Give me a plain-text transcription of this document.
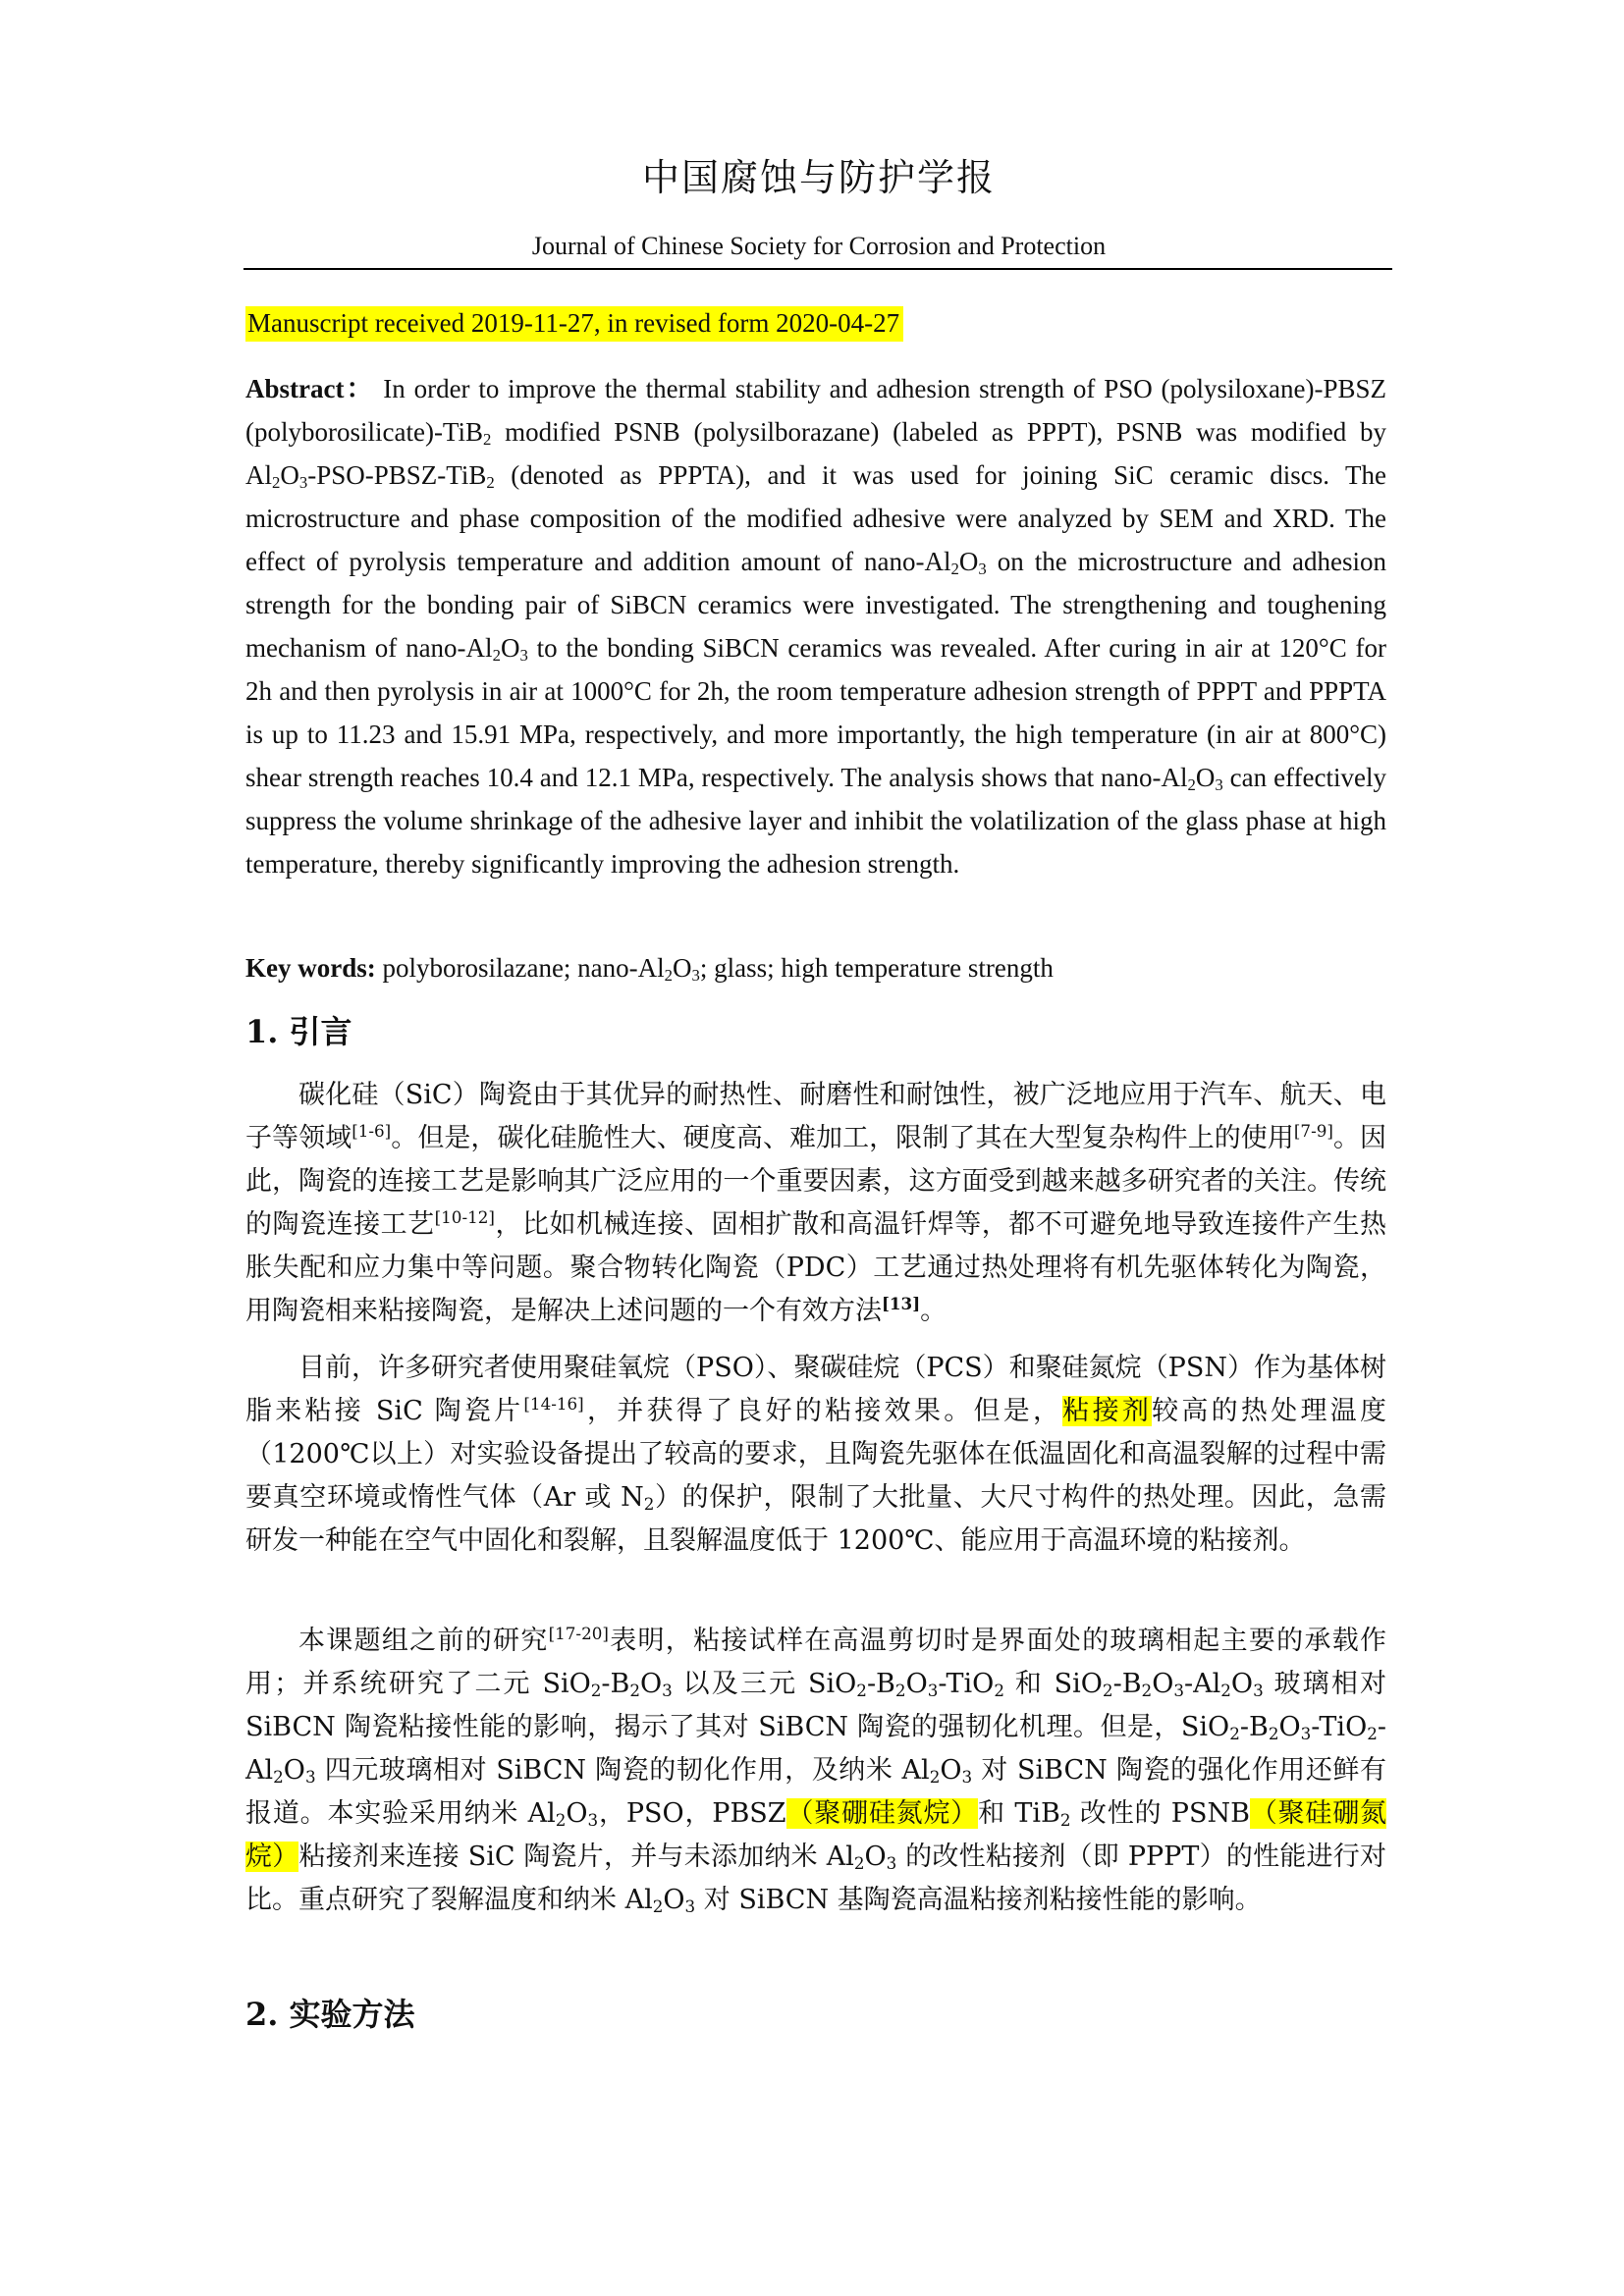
中国腐蚀与防护学报
Journal of Chinese Society for Corrosion and Protection
Manuscript received 2019-11-27, in revised form 2020-04-27

Abstract： In order to improve the thermal stability and adhesion strength of PSO (polysiloxane)-PBSZ (polyborosilicate)-TiB$_2$ modified PSNB (polysilborazane) (labeled as PPPT), PSNB was modified by $Al_2O_3-PSO-PBSZ-TiB_2$ (denoted as PPPTA), and it was used for joining SiC ceramic discs. The microstructure and phase composition of the modified adhesive were analyzed by SEM and XRD. The effect of pyrolysis temperature and addition amount of nano-$Al_2O_3$ on the microstructure and adhesion strength for the bonding pair of SiBCN ceramics were investigated. The strengthening and toughening mechanism of nano-$Al_2O_3$ to the bonding SiBCN ceramics was revealed. After curing in air at 120°C for 2h and then pyrolysis in air at 1000°C for 2h, the room temperature adhesion strength of PPPT and PPPTA is up to 11.23 and 15.91 MPa, respectively, and more importantly, the high temperature (in air at 800°C) shear strength reaches 10.4 and 12.1 MPa, respectively. The analysis shows that nano-$Al_2O_3$ can effectively suppress the volume shrinkage of the adhesive layer and inhibit the volatilization of the glass phase at high temperature, thereby significantly improving the adhesion strength.

Key words: polyborosilazane; nano-$Al_2O_3$; glass; high temperature strength

1. 引言

碳化硅（SiC）陶瓷由于其优异的耐热性、耐磨性和耐蚀性，被广泛地应用于汽车、航天、电子等领域[1-6]。但是，碳化硅脆性大、硬度高、难加工，限制了其在大型复杂构件上的使用[7-9]。因此，陶瓷的连接工艺是影响其广泛应用的一个重要因素，这方面受到越来越多研究者的关注。传统的陶瓷连接工艺[10-12]，比如机械连接、固相扩散和高温钎焊等，都不可避免地导致连接件产生热胀失配和应力集中等问题。聚合物转化陶瓷（PDC）工艺通过热处理将有机先驱体转化为陶瓷，用陶瓷相来粘接陶瓷，是解决上述问题的一个有效方法[13]。

目前，许多研究者使用聚硅氧烷（PSO）、聚碳硅烷（PCS）和聚硅氮烷（PSN）作为基体树脂来粘接 SiC 陶瓷片[14-16]，并获得了良好的粘接效果。但是，粘接剂较高的热处理温度（1200℃以上）对实验设备提出了较高的要求，且陶瓷先驱体在低温固化和高温裂解的过程中需要真空环境或惰性气体（Ar 或 $N_2$）的保护，限制了大批量、大尺寸构件的热处理。因此，急需研发一种能在空气中固化和裂解，且裂解温度低于 1200℃、能应用于高温环境的粘接剂。

本课题组之前的研究[17-20]表明，粘接试样在高温剪切时是界面处的玻璃相起主要的承载作用；并系统研究了二元 $SiO_2-B_2O_3$ 以及三元 $SiO_2-B_2O_3-TiO_2$ 和 $SiO_2-B_2O_3-Al_2O_3$ 玻璃相对 SiBCN 陶瓷粘接性能的影响，揭示了其对 SiBCN 陶瓷的强韧化机理。但是，$SiO_2-B_2O_3-TiO_2-Al_2O_3$ 四元玻璃相对 SiBCN 陶瓷的韧化作用，及纳米 $Al_2O_3$ 对 SiBCN 陶瓷的强化作用还鲜有报道。本实验采用纳米 $Al_2O_3$，PSO，PBSZ（聚硼硅氮烷）和 TiB$_2$ 改性的 PSNB（聚硅硼氮烷）粘接剂来连接 SiC 陶瓷片，并与未添加纳米 $Al_2O_3$ 的改性粘接剂（即 PPPT）的性能进行对比。重点研究了裂解温度和纳米 $Al_2O_3$ 对 SiBCN 基陶瓷高温粘接剂粘接性能的影响。

2. 实验方法
